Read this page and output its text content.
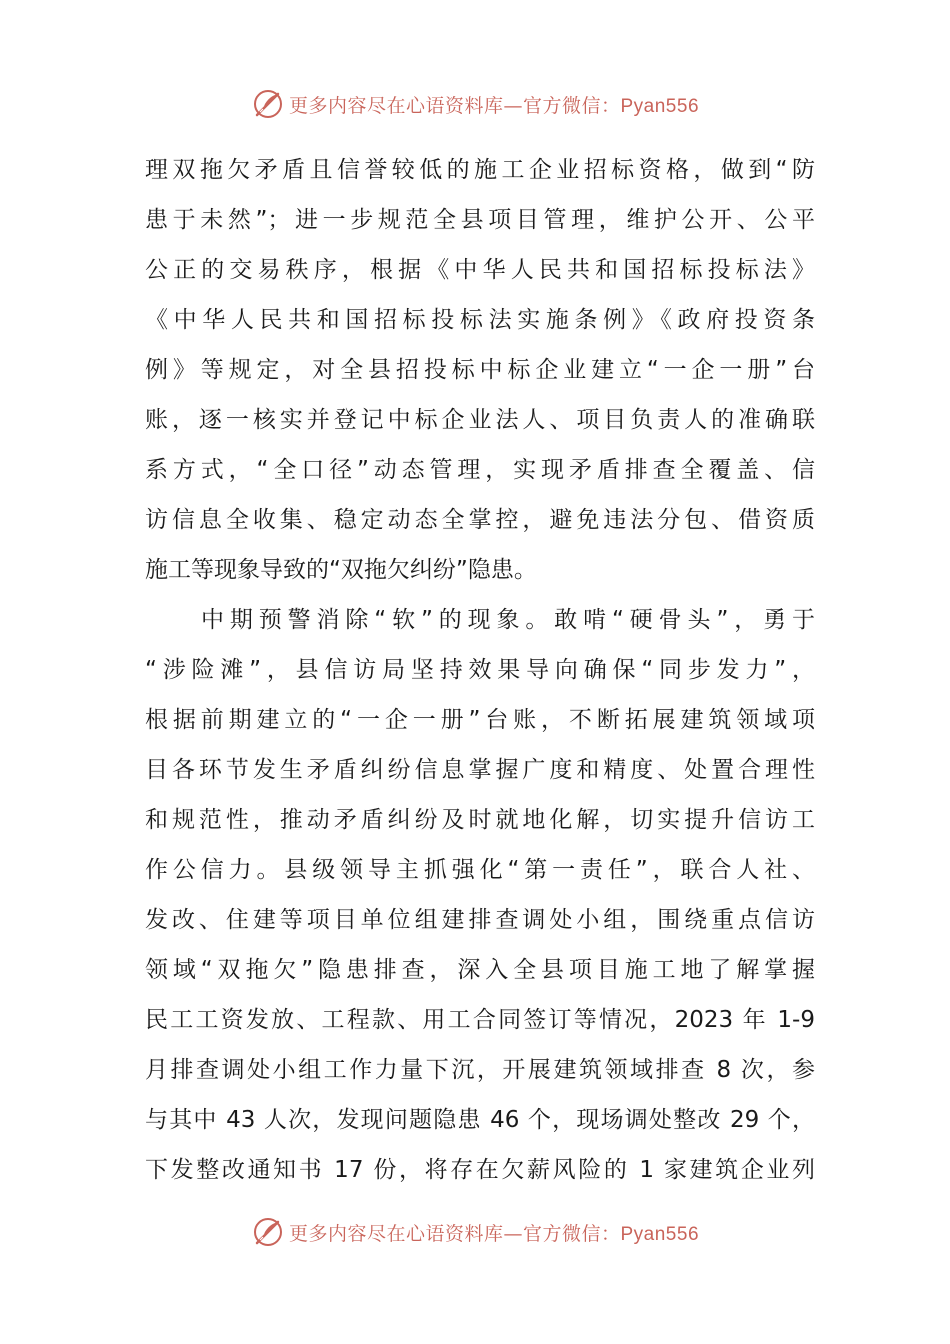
更多内容尽在心语资料库—官方微信：Pyan556
理双拖欠矛盾且信誉较低的施工企业招标资格，做到“防
患于未然”；进一步规范全县项目管理，维护公开、公平
公正的交易秩序，根据《中华人民共和国招标投标法》
《中华人民共和国招标投标法实施条例》《政府投资条
例》等规定，对全县招投标中标企业建立“一企一册”台
账，逐一核实并登记中标企业法人、项目负责人的准确联
系方式，“全口径”动态管理，实现矛盾排查全覆盖、信
访信息全收集、稳定动态全掌控，避免违法分包、借资质
施工等现象导致的“双拖欠纠纷”隐患。
中期预警消除“软”的现象。敢啃“硬骨头”，勇于
“涉险滩”，县信访局坚持效果导向确保“同步发力”，
根据前期建立的“一企一册”台账，不断拓展建筑领域项
目各环节发生矛盾纠纷信息掌握广度和精度、处置合理性
和规范性，推动矛盾纠纷及时就地化解，切实提升信访工
作公信力。县级领导主抓强化“第一责任”，联合人社、
发改、住建等项目单位组建排查调处小组，围绕重点信访
领域“双拖欠”隐患排查，深入全县项目施工地了解掌握
民工工资发放、工程款、用工合同签订等情况，2023 年 1-9
月排查调处小组工作力量下沉，开展建筑领域排查 8 次，参
与其中 43 人次，发现问题隐患 46 个，现场调处整改 29 个，
下发整改通知书 17 份，将存在欠薪风险的 1 家建筑企业列
更多内容尽在心语资料库—官方微信：Pyan556
